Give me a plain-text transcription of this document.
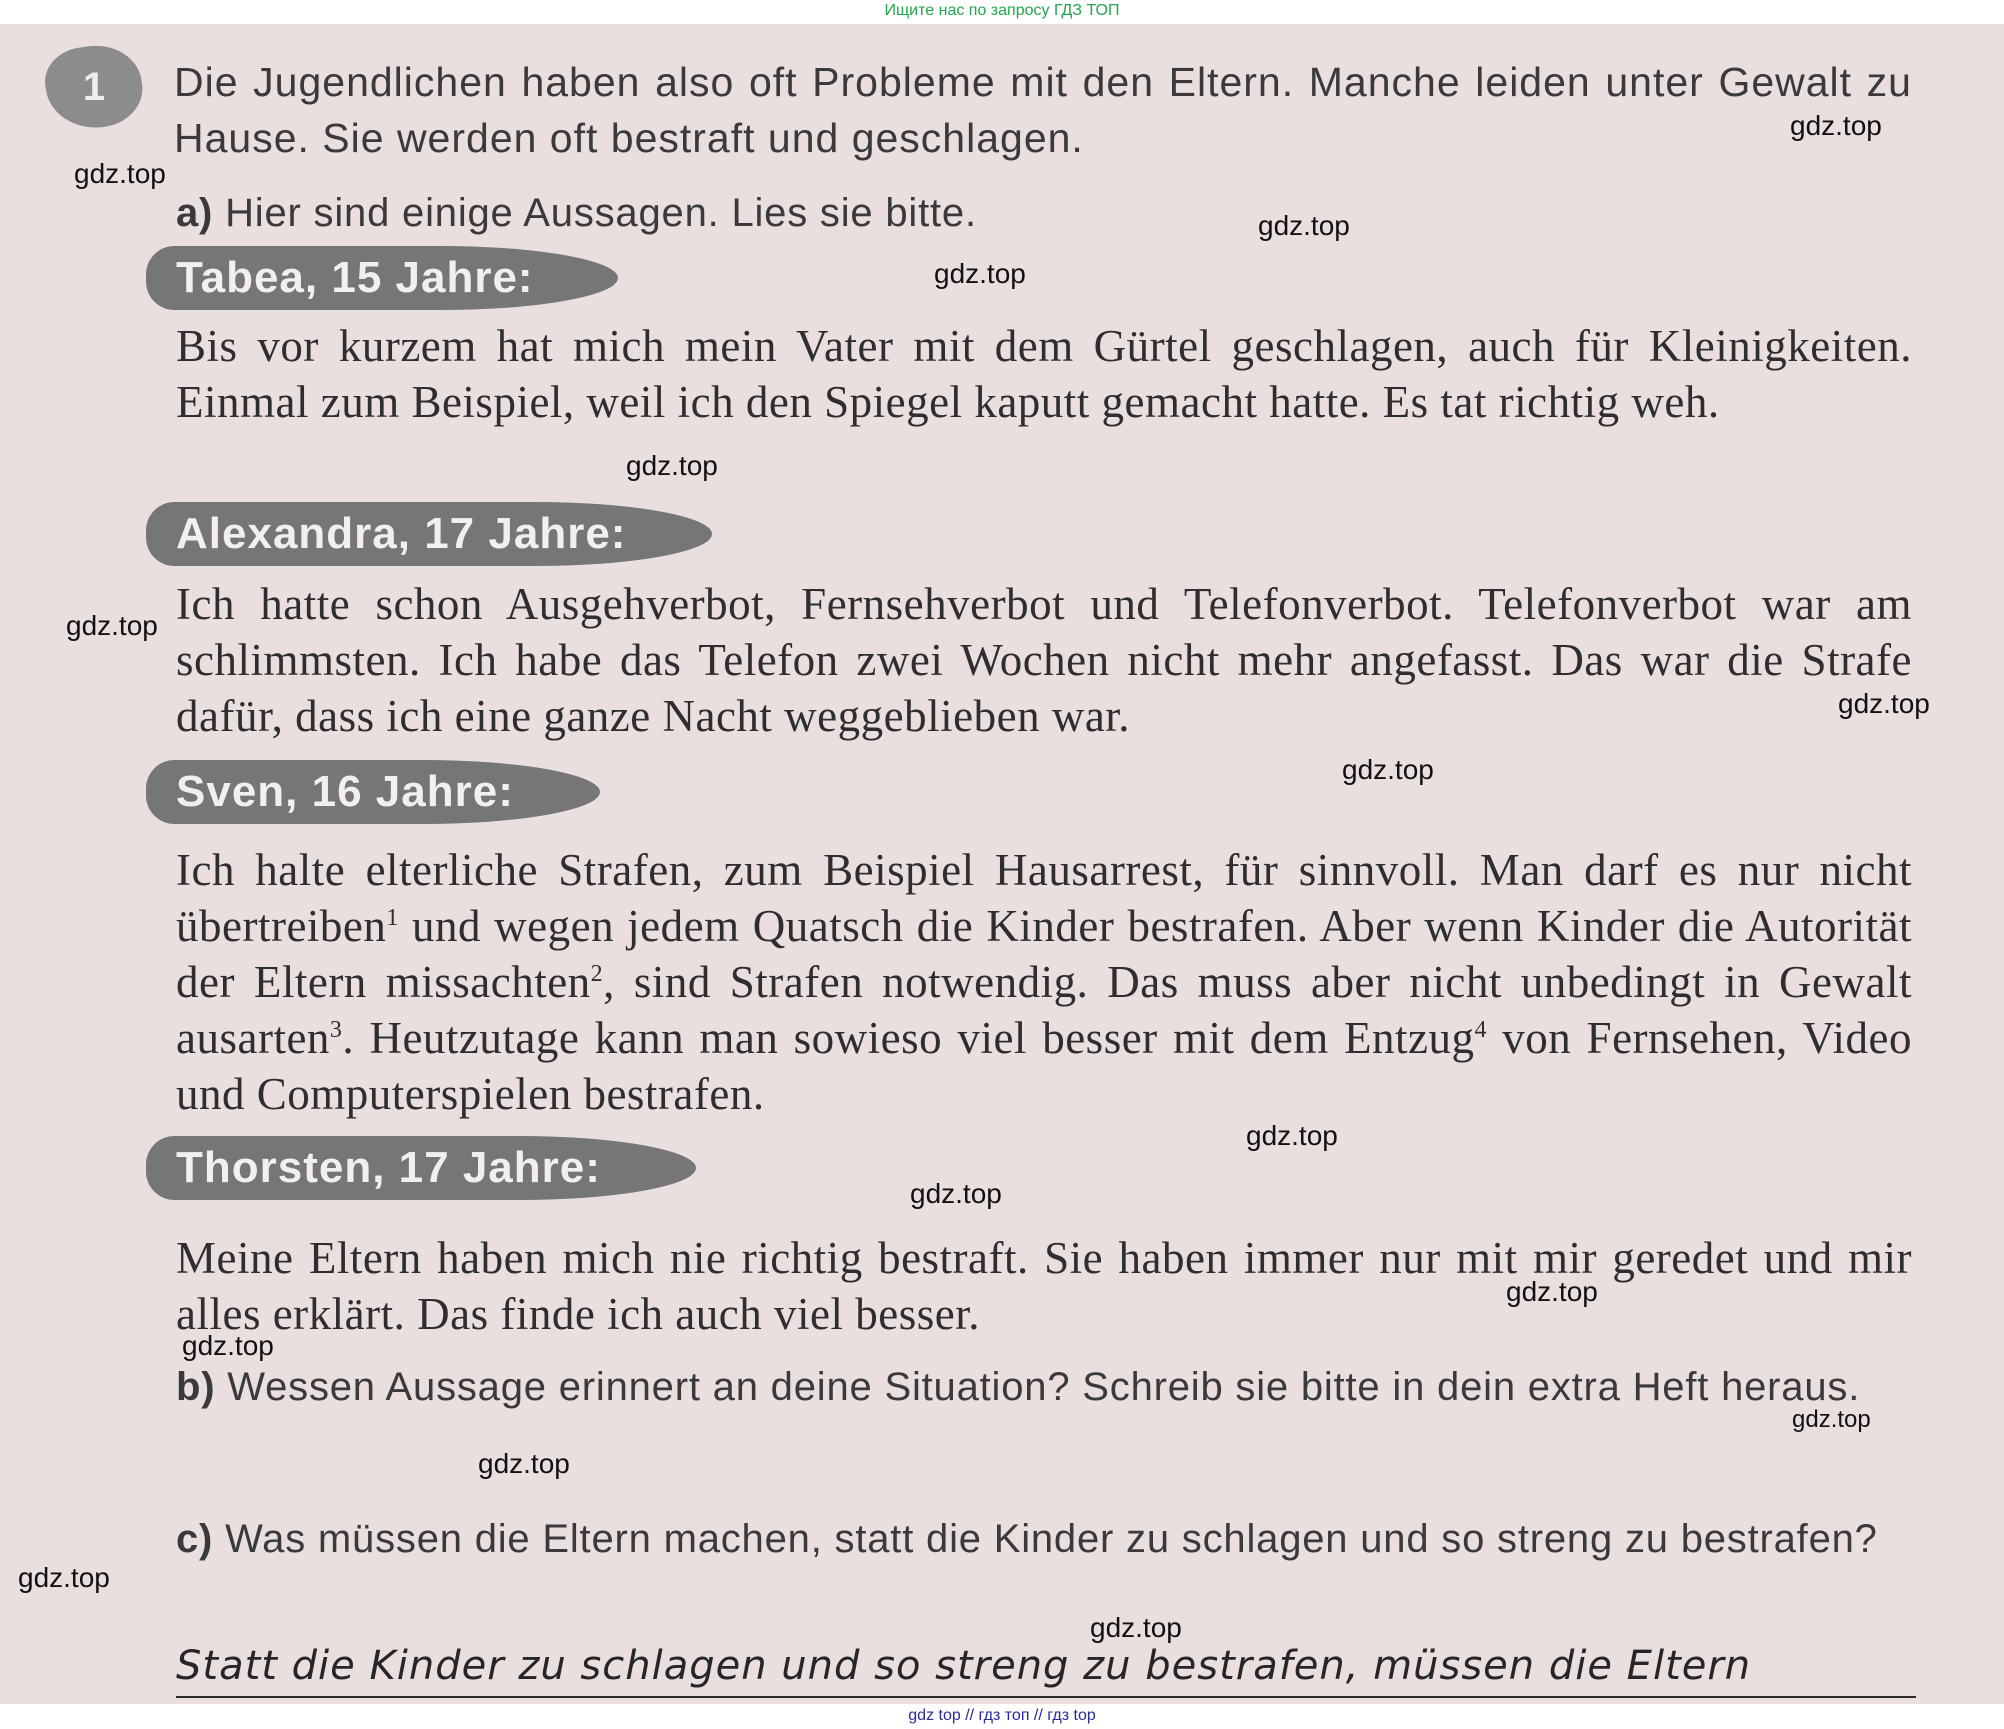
Ищите нас по запросу ГДЗ ТОП
1	Die Jugendlichen haben also oft Probleme mit den Eltern. Manche leiden unter Gewalt zu Hause. Sie werden oft bestraft und geschlagen.
a) Hier sind einige Aussagen. Lies sie bitte.
Tabea, 15 Jahre:
Bis vor kurzem hat mich mein Vater mit dem Gürtel geschlagen, auch für Kleinigkeiten. Einmal zum Beispiel, weil ich den Spiegel kaputt gemacht hatte. Es tat richtig weh.
Alexandra, 17 Jahre:
Ich hatte schon Ausgehverbot, Fernsehverbot und Telefonverbot. Telefonverbot war am schlimmsten. Ich habe das Telefon zwei Wochen nicht mehr angefasst. Das war die Strafe dafür, dass ich eine ganze Nacht weggeblieben war.
Sven, 16 Jahre:
Ich halte elterliche Strafen, zum Beispiel Hausarrest, für sinnvoll. Man darf es nur nicht übertreiben$^1$ und wegen jedem Quatsch die Kinder bestrafen. Aber wenn Kinder die Autorität der Eltern missachten$^2$, sind Strafen notwendig. Das muss aber nicht unbedingt in Gewalt ausarten$^3$. Heutzutage kann man sowieso viel besser mit dem Entzug$^4$ von Fernsehen, Video und Computerspielen bestrafen.
Thorsten, 17 Jahre:
Meine Eltern haben mich nie richtig bestraft. Sie haben immer nur mit mir geredet und mir alles erklärt. Das finde ich auch viel besser.
b) Wessen Aussage erinnert an deine Situation? Schreib sie bitte in dein extra Heft heraus.
c) Was müssen die Eltern machen, statt die Kinder zu schlagen und so streng zu bestrafen?
Statt die Kinder zu schlagen und so streng zu bestrafen, müssen die Eltern
gdz.top
gdz.top
gdz.top
gdz.top
gdz.top
gdz.top
gdz.top
gdz.top
gdz.top
gdz.top
gdz.top
gdz.top
gdz.top
gdz.top
gdz.top
gdz.top
gdz top // гдз топ // гдз top
